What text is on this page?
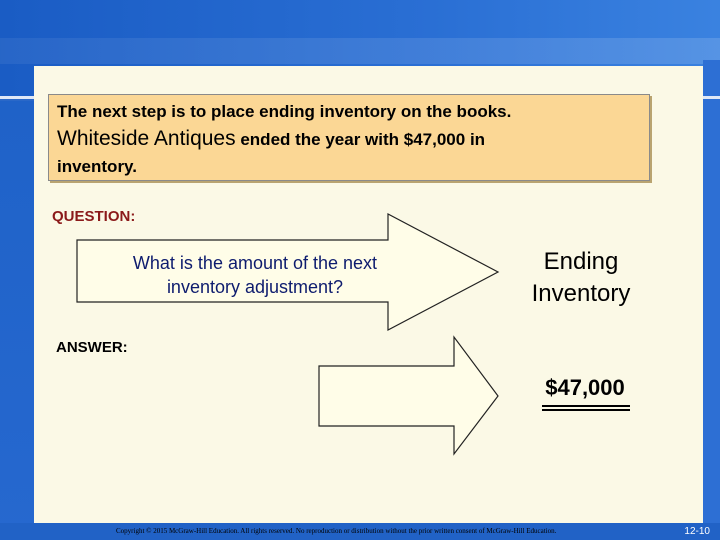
The next step is to place ending inventory on the books.
Whiteside Antiques ended the year with $47,000 in
inventory.
QUESTION:
What is the amount of the next
inventory adjustment?
Ending
Inventory
ANSWER:
$47,000
Copyright © 2015 McGraw-Hill Education. All rights reserved. No reproduction or distribution without the prior written consent of McGraw-Hill Education.	12-10
